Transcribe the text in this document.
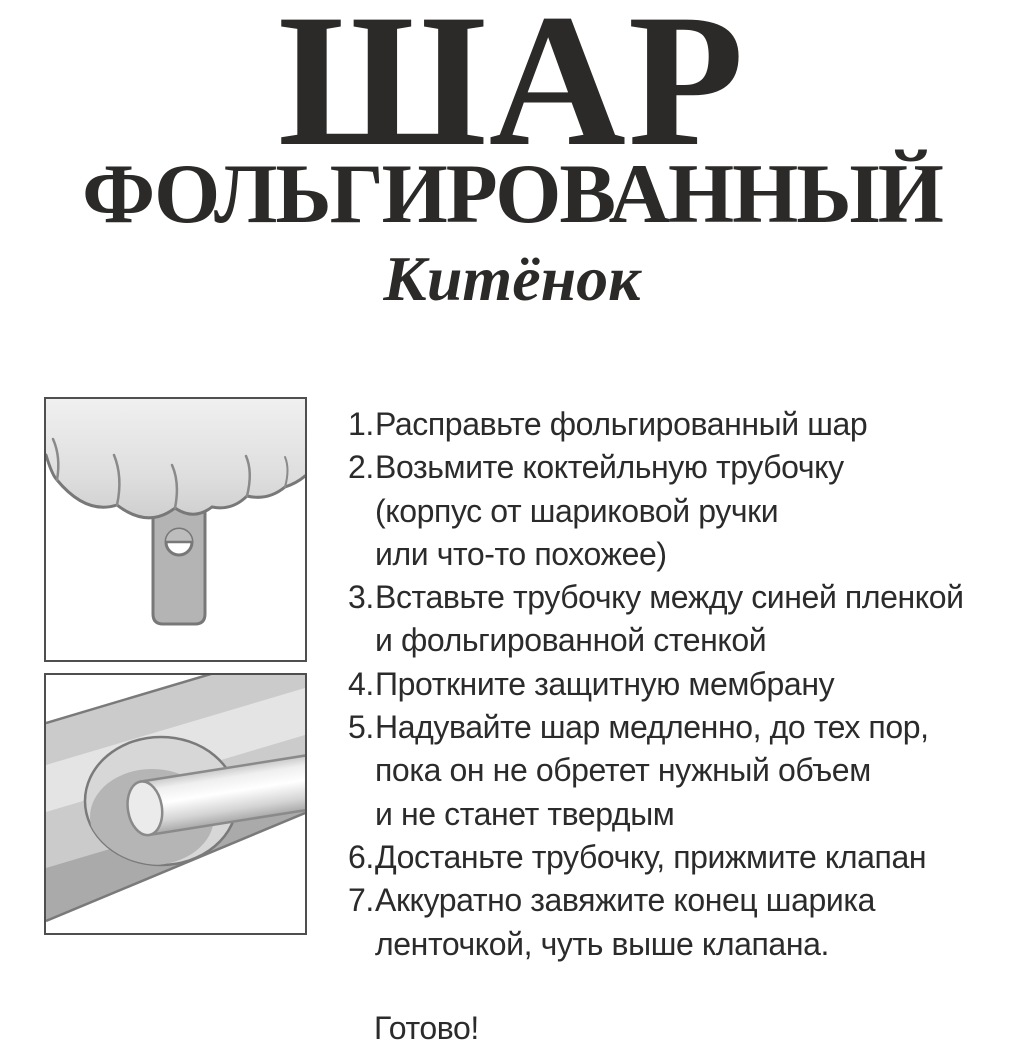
ШАР
ФОЛЬГИРОВАННЫЙ
Китёнок
1. Расправьте фольгированный шар
2. Возьмите коктейльную трубочку
(корпус от шариковой ручки
или что-то похожее)
3. Вставьте трубочку между синей пленкой
и фольгированной стенкой
4. Проткните защитную мембрану
5. Надувайте шар медленно, до тех пор,
пока он не обретет нужный объем
и не станет твердым
6. Достаньте трубочку, прижмите клапан
7. Аккуратно завяжите конец шарика
ленточкой, чуть выше клапана.
Готово!
